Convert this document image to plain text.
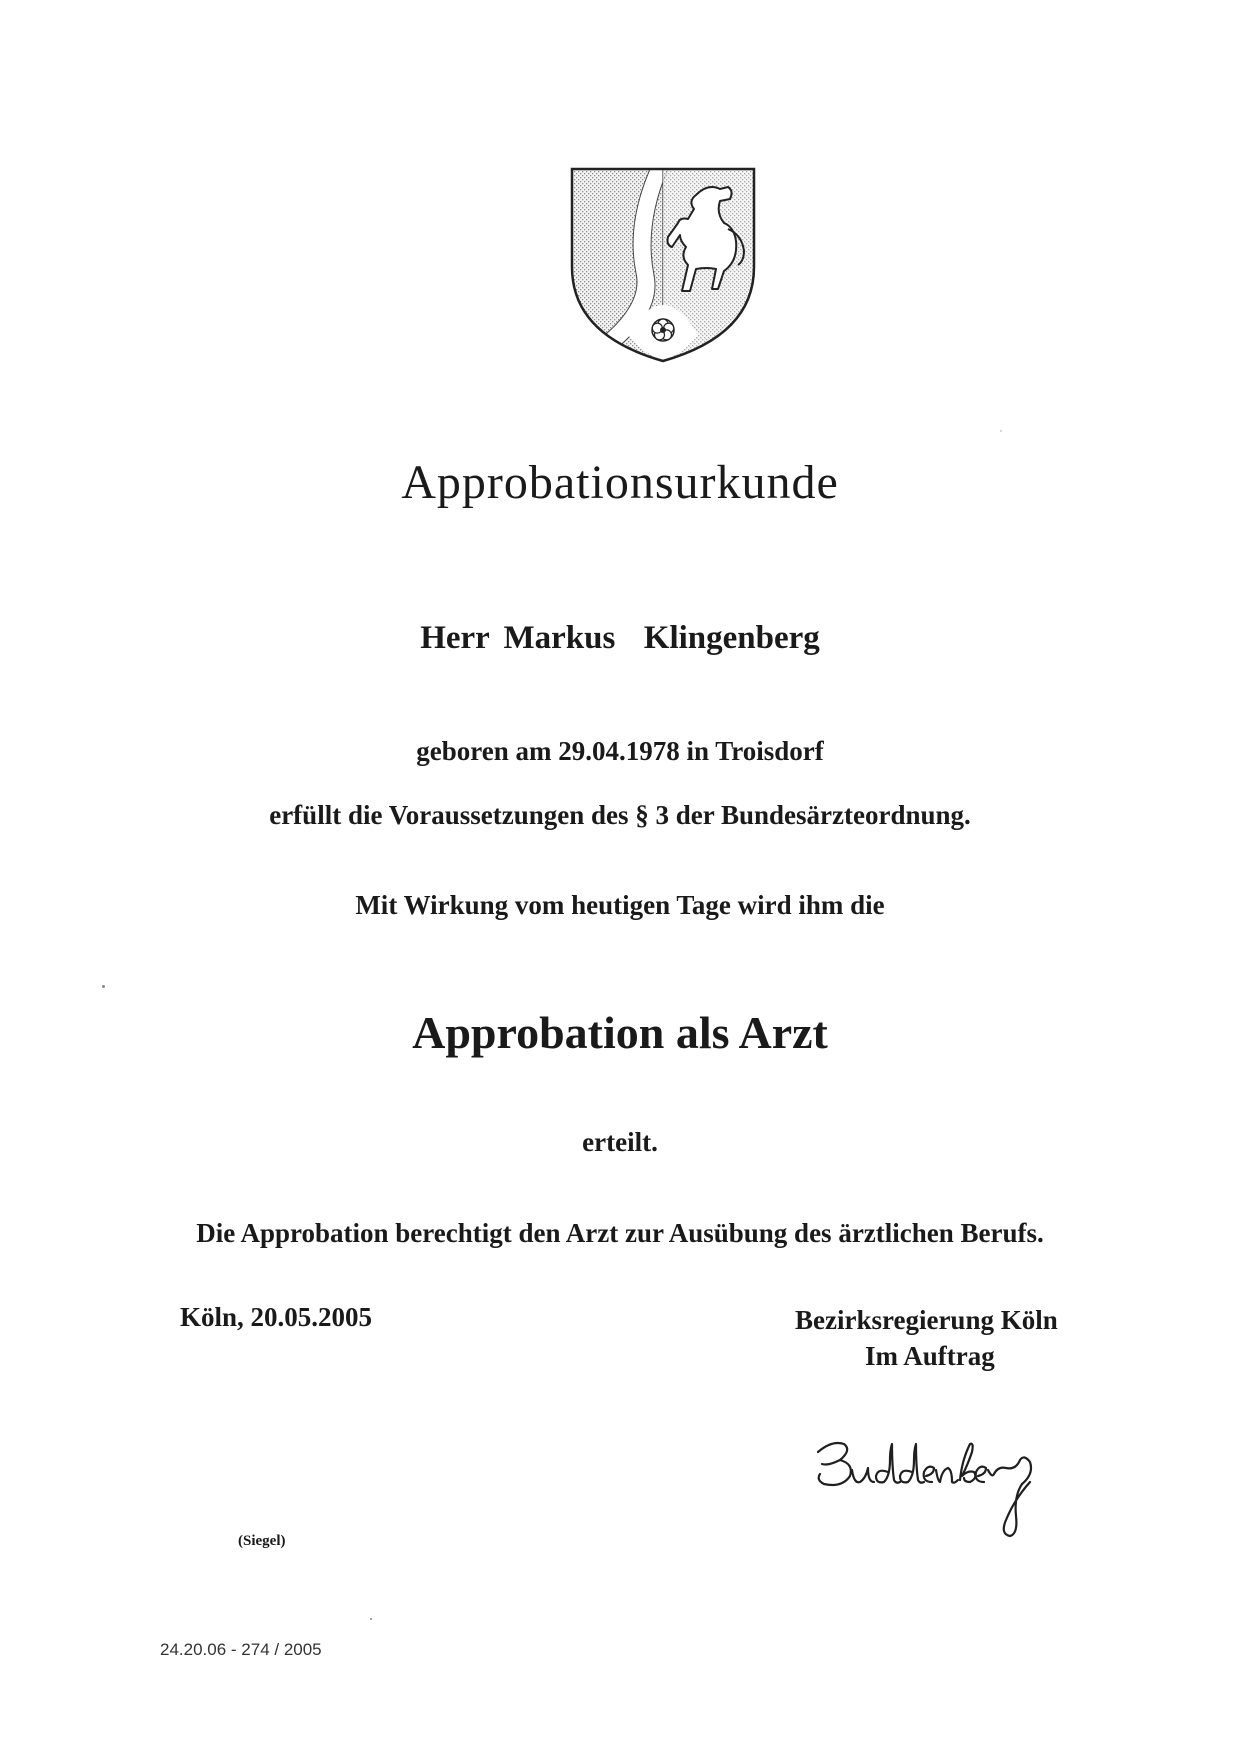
Approbationsurkunde
Herr Markus  Klingenberg
geboren am 29.04.1978 in Troisdorf
erfüllt die Voraussetzungen des § 3 der Bundesärzteordnung.
Mit Wirkung vom heutigen Tage wird ihm die
Approbation als Arzt
erteilt.
Die Approbation berechtigt den Arzt zur Ausübung des ärztlichen Berufs.
Köln, 20.05.2005	Bezirksregierung Köln
Im Auftrag
(Siegel)
24.20.06 - 274 / 2005
